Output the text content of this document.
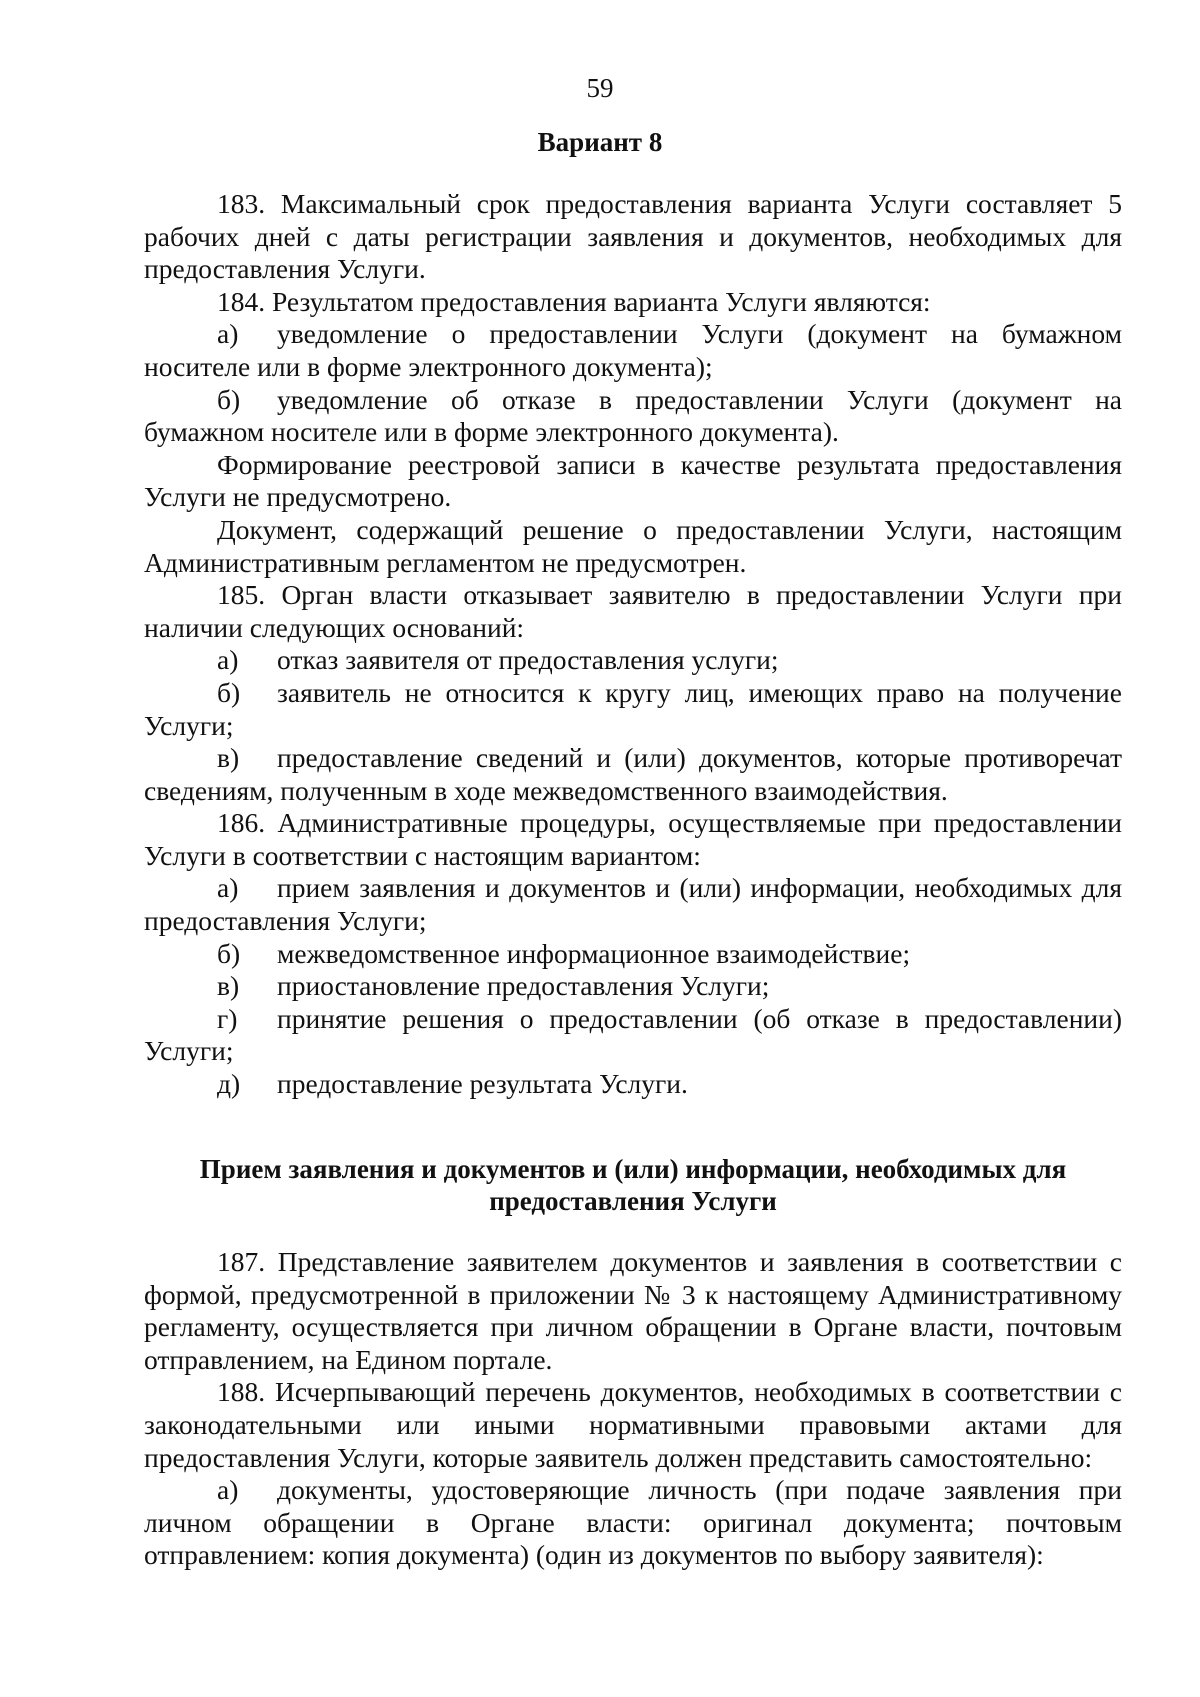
59
Вариант 8

183. Максимальный срок предоставления варианта Услуги составляет 5 рабочих дней с даты регистрации заявления и документов, необходимых для предоставления Услуги.

184. Результатом предоставления варианта Услуги являются:

а) уведомление о предоставлении Услуги (документ на бумажном носителе или в форме электронного документа);

б) уведомление об отказе в предоставлении Услуги (документ на бумажном носителе или в форме электронного документа).

Формирование реестровой записи в качестве результата предоставления Услуги не предусмотрено.

Документ, содержащий решение о предоставлении Услуги, настоящим Административным регламентом не предусмотрен.

185. Орган власти отказывает заявителю в предоставлении Услуги при наличии следующих оснований:

а) отказ заявителя от предоставления услуги;

б) заявитель не относится к кругу лиц, имеющих право на получение Услуги;

в) предоставление сведений и (или) документов, которые противоречат сведениям, полученным в ходе межведомственного взаимодействия.

186. Административные процедуры, осуществляемые при предоставлении Услуги в соответствии с настоящим вариантом:

а) прием заявления и документов и (или) информации, необходимых для предоставления Услуги;

б) межведомственное информационное взаимодействие;

в) приостановление предоставления Услуги;

г) принятие решения о предоставлении (об отказе в предоставлении) Услуги;

д) предоставление результата Услуги.

Прием заявления и документов и (или) информации, необходимых для предоставления Услуги

187. Представление заявителем документов и заявления в соответствии с формой, предусмотренной в приложении № 3 к настоящему Административному регламенту, осуществляется при личном обращении в Органе власти, почтовым отправлением, на Едином портале.

188. Исчерпывающий перечень документов, необходимых в соответствии с законодательными или иными нормативными правовыми актами для предоставления Услуги, которые заявитель должен представить самостоятельно:

а) документы, удостоверяющие личность (при подаче заявления при личном обращении в Органе власти: оригинал документа; почтовым отправлением: копия документа) (один из документов по выбору заявителя):
